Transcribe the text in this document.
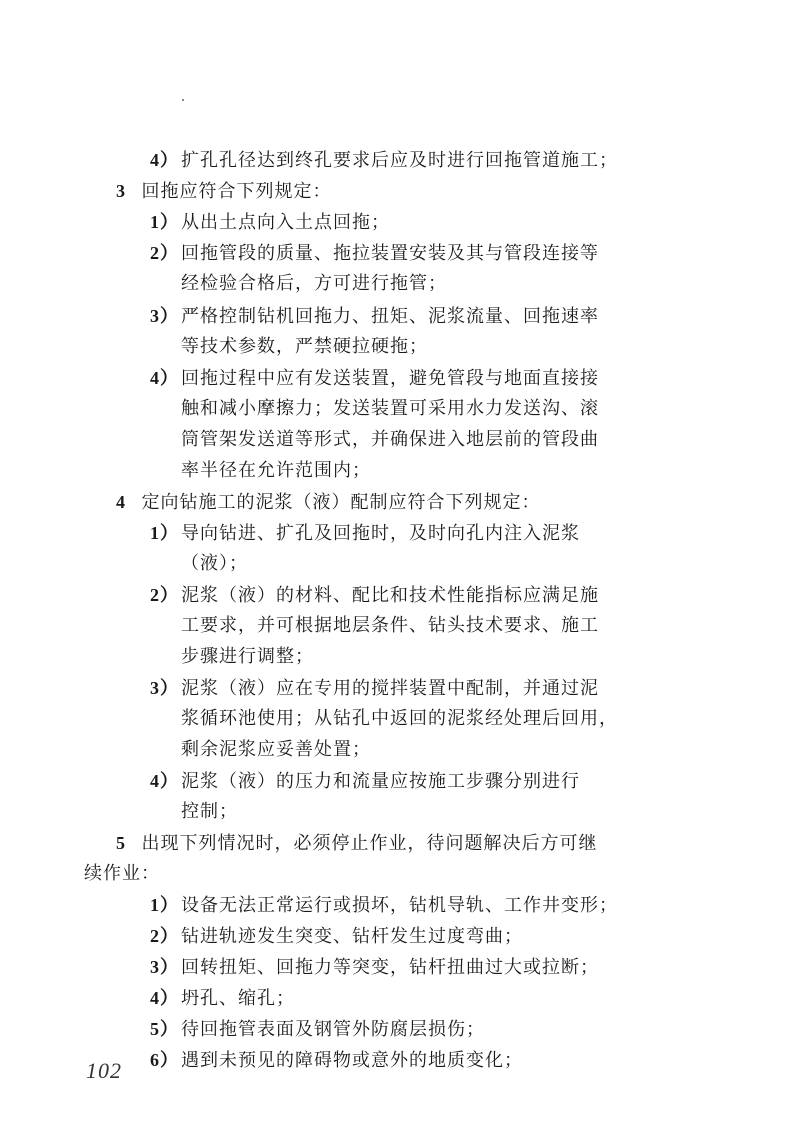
4） 扩孔孔径达到终孔要求后应及时进行回拖管道施工；
3 回拖应符合下列规定：
1） 从出土点向入土点回拖；
2） 回拖管段的质量、拖拉装置安装及其与管段连接等
经检验合格后，方可进行拖管；
3） 严格控制钻机回拖力、扭矩、泥浆流量、回拖速率
等技术参数，严禁硬拉硬拖；
4） 回拖过程中应有发送装置，避免管段与地面直接接
触和减小摩擦力；发送装置可采用水力发送沟、滚
筒管架发送道等形式，并确保进入地层前的管段曲
率半径在允许范围内；
4 定向钻施工的泥浆（液）配制应符合下列规定：
1） 导向钻进、扩孔及回拖时，及时向孔内注入泥浆
（液）；
2） 泥浆（液）的材料、配比和技术性能指标应满足施
工要求，并可根据地层条件、钻头技术要求、施工
步骤进行调整；
3） 泥浆（液）应在专用的搅拌装置中配制，并通过泥
浆循环池使用；从钻孔中返回的泥浆经处理后回用，
剩余泥浆应妥善处置；
4） 泥浆（液）的压力和流量应按施工步骤分别进行
控制；
5 出现下列情况时，必须停止作业，待问题解决后方可继
续作业：
1） 设备无法正常运行或损坏，钻机导轨、工作井变形；
2） 钻进轨迹发生突变、钻杆发生过度弯曲；
3） 回转扭矩、回拖力等突变，钻杆扭曲过大或拉断；
4） 坍孔、缩孔；
5） 待回拖管表面及钢管外防腐层损伤；
6） 遇到未预见的障碍物或意外的地质变化；
102
